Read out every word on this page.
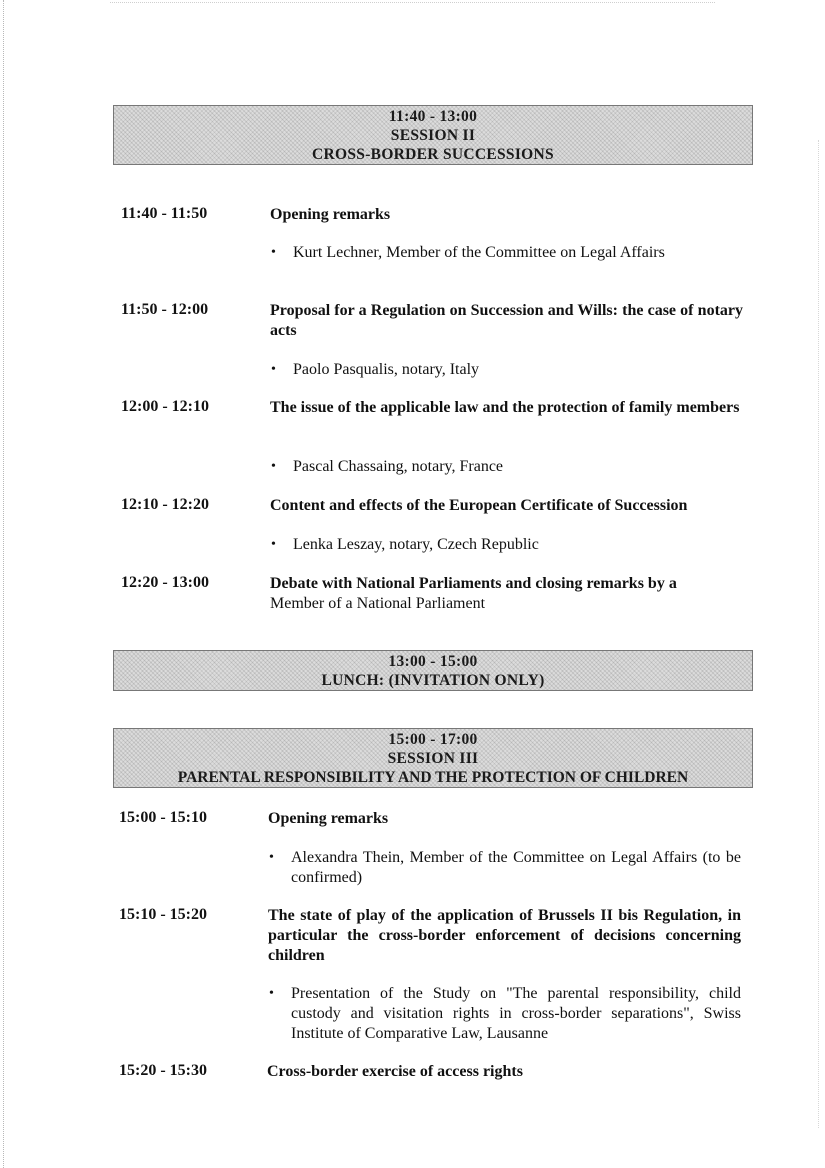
11:40 - 13:00
SESSION II
CROSS-BORDER SUCCESSIONS
11:40 - 11:50	Opening remarks
• Kurt Lechner, Member of the Committee on Legal Affairs
11:50 - 12:00	Proposal for a Regulation on Succession and Wills: the case of notary acts
• Paolo Pasqualis, notary, Italy
12:00 - 12:10	The issue of the applicable law and the protection of family members
• Pascal Chassaing, notary, France
12:10 - 12:20	Content and effects of the European Certificate of Succession
• Lenka Leszay, notary, Czech Republic
12:20 - 13:00	Debate with National Parliaments and closing remarks by a
Member of a National Parliament
13:00 - 15:00
LUNCH: (INVITATION ONLY)
15:00 - 17:00
SESSION III
PARENTAL RESPONSIBILITY AND THE PROTECTION OF CHILDREN
15:00 - 15:10	Opening remarks
• Alexandra Thein, Member of the Committee on Legal Affairs (to be confirmed)
15:10 - 15:20	The state of play of the application of Brussels II bis Regulation, in particular the cross-border enforcement of decisions concerning children
• Presentation of the Study on "The parental responsibility, child custody and visitation rights in cross-border separations", Swiss Institute of Comparative Law, Lausanne
15:20 - 15:30	Cross-border exercise of access rights
